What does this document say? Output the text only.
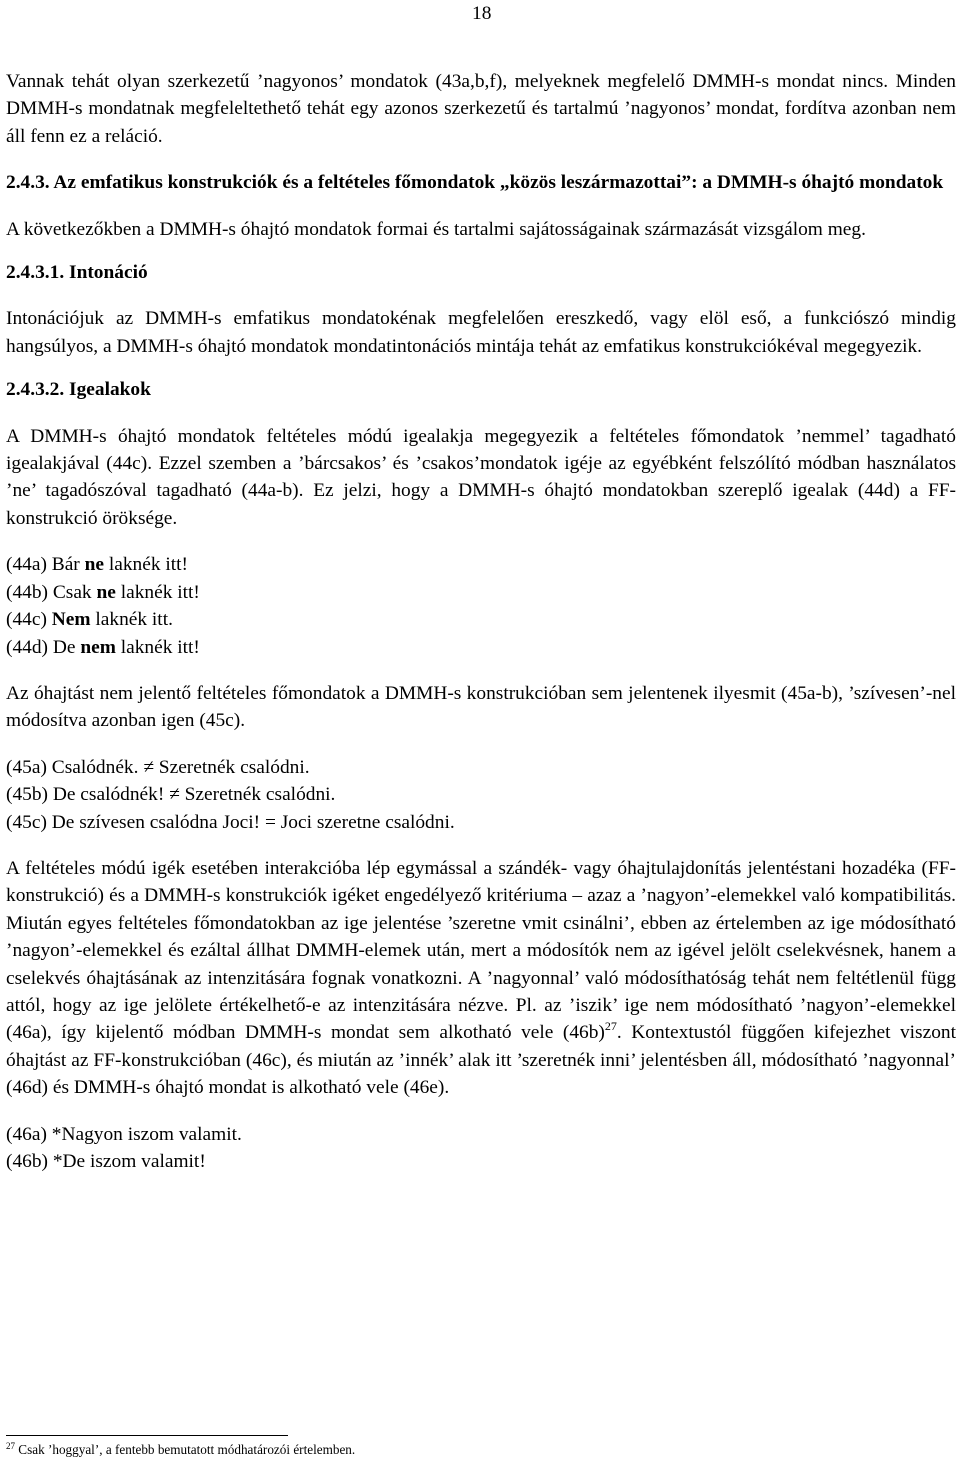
18

Vannak tehát olyan szerkezetű ’nagyonos’ mondatok (43a,b,f), melyeknek megfelelő DMMH-s mondat nincs. Minden DMMH-s mondatnak megfeleltethető tehát egy azonos szerkezetű és tartalmú ’nagyonos’ mondat, fordítva azonban nem áll fenn ez a reláció.

2.4.3. Az emfatikus konstrukciók és a feltételes főmondatok „közös leszármazottai”: a DMMH-s óhajtó mondatok

A következőkben a DMMH-s óhajtó mondatok formai és tartalmi sajátosságainak származását vizsgálom meg.

2.4.3.1. Intonáció

Intonációjuk az DMMH-s emfatikus mondatokénak megfelelően ereszkedő, vagy elöl eső, a funkciószó mindig hangsúlyos, a DMMH-s óhajtó mondatok mondatintonációs mintája tehát az emfatikus konstrukciókéval megegyezik.

2.4.3.2. Igealakok

A DMMH-s óhajtó mondatok feltételes módú igealakja megegyezik a feltételes főmondatok ’nemmel’ tagadható igealakjával (44c). Ezzel szemben a ’bárcsakos’ és ’csakos’mondatok igéje az egyébként felszólító módban használatos ’ne’ tagadószóval tagadható (44a-b). Ez jelzi, hogy a DMMH-s óhajtó mondatokban szereplő igealak (44d) a FF-konstrukció öröksége.

(44a) Bár ne laknék itt!
(44b) Csak ne laknék itt!
(44c) Nem laknék itt.
(44d) De nem laknék itt!

Az óhajtást nem jelentő feltételes főmondatok a DMMH-s konstrukcióban sem jelentenek ilyesmit (45a-b), ’szívesen’-nel módosítva azonban igen (45c).

(45a) Csalódnék. ≠ Szeretnék csalódni.
(45b) De csalódnék! ≠ Szeretnék csalódni.
(45c) De szívesen csalódna Joci! = Joci szeretne csalódni.

A feltételes módú igék esetében interakcióba lép egymással a szándék- vagy óhajtulajdonítás jelentéstani hozadéka (FF-konstrukció) és a DMMH-s konstrukciók igéket engedélyező kritériuma – azaz a ’nagyon’-elemekkel való kompatibilitás. Miután egyes feltételes főmondatokban az ige jelentése ’szeretne vmit csinálni’, ebben az értelemben az ige módosítható ’nagyon’-elemekkel és ezáltal állhat DMMH-elemek után, mert a módosítók nem az igével jelölt cselekvésnek, hanem a cselekvés óhajtásának az intenzitására fognak vonatkozni. A ’nagyonnal’ való módosíthatóság tehát nem feltétlenül függ attól, hogy az ige jelölete értékelhető-e az intenzitására nézve. Pl. az ’iszik’ ige nem módosítható ’nagyon’-elemekkel (46a), így kijelentő módban DMMH-s mondat sem alkotható vele $(46b)^{27}$. Kontextustól függően kifejezhet viszont óhajtást az FF-konstrukcióban (46c), és miután az ’innék’ alak itt ’szeretnék inni’ jelentésben áll, módosítható ’nagyonnal’ (46d) és DMMH-s óhajtó mondat is alkotható vele (46e).

(46a) *Nagyon iszom valamit.
(46b) *De iszom valamit!
$^{27}$ Csak ’hoggyal’, a fentebb bemutatott módhatározói értelemben.
